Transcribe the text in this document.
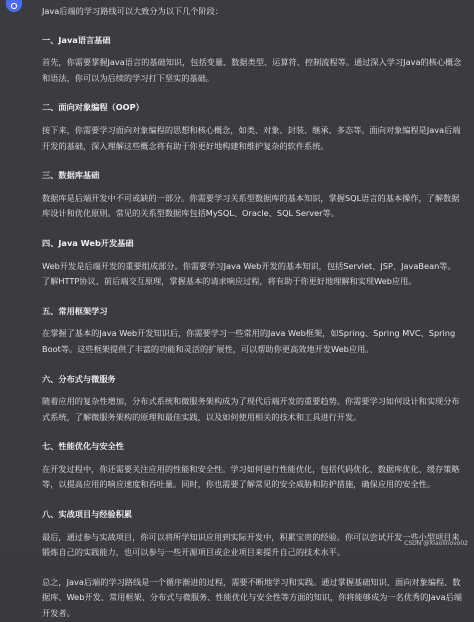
Java后端的学习路线可以大致分为以下几个阶段：

一、Java语言基础

首先，你需要掌握Java语言的基础知识，包括变量、数据类型、运算符、控制流程等。通过深入学习Java的核心概念和语法，你可以为后续的学习打下坚实的基础。

二、面向对象编程（OOP）

接下来，你需要学习面向对象编程的思想和核心概念，如类、对象、封装、继承、多态等。面向对象编程是Java后端开发的基础，深入理解这些概念将有助于你更好地构建和维护复杂的软件系统。

三、数据库基础

数据库是后端开发中不可或缺的一部分。你需要学习关系型数据库的基本知识，掌握SQL语言的基本操作，了解数据库设计和优化原则。常见的关系型数据库包括MySQL、Oracle、SQL Server等。

四、Java Web开发基础

Web开发是后端开发的重要组成部分。你需要学习Java Web开发的基本知识，包括Servlet、JSP、JavaBean等。了解HTTP协议、前后端交互原理，掌握基本的请求响应过程，将有助于你更好地理解和实现Web应用。

五、常用框架学习

在掌握了基本的Java Web开发知识后，你需要学习一些常用的Java Web框架，如Spring、Spring MVC、Spring Boot等。这些框架提供了丰富的功能和灵活的扩展性，可以帮助你更高效地开发Web应用。

六、分布式与微服务

随着应用的复杂性增加，分布式系统和微服务架构成为了现代后端开发的重要趋势。你需要学习如何设计和实现分布式系统，了解微服务架构的原理和最佳实践，以及如何使用相关的技术和工具进行开发。

七、性能优化与安全性

在开发过程中，你还需要关注应用的性能和安全性。学习如何进行性能优化，包括代码优化、数据库优化、缓存策略等，以提高应用的响应速度和吞吐量。同时，你也需要了解常见的安全威胁和防护措施，确保应用的安全性。

八、实战项目与经验积累

最后，通过参与实战项目，你可以将所学知识应用到实际开发中，积累宝贵的经验。你可以尝试开发一些小型项目来锻炼自己的实践能力，也可以参与一些开源项目或企业项目来提升自己的技术水平。

总之，Java后端的学习路线是一个循序渐进的过程，需要不断地学习和实践。通过掌握基础知识、面向对象编程、数据库、Web开发、常用框架、分布式与微服务、性能优化与安全性等方面的知识，你将能够成为一名优秀的Java后端开发者。

CSDN @Xiaolinovo02
